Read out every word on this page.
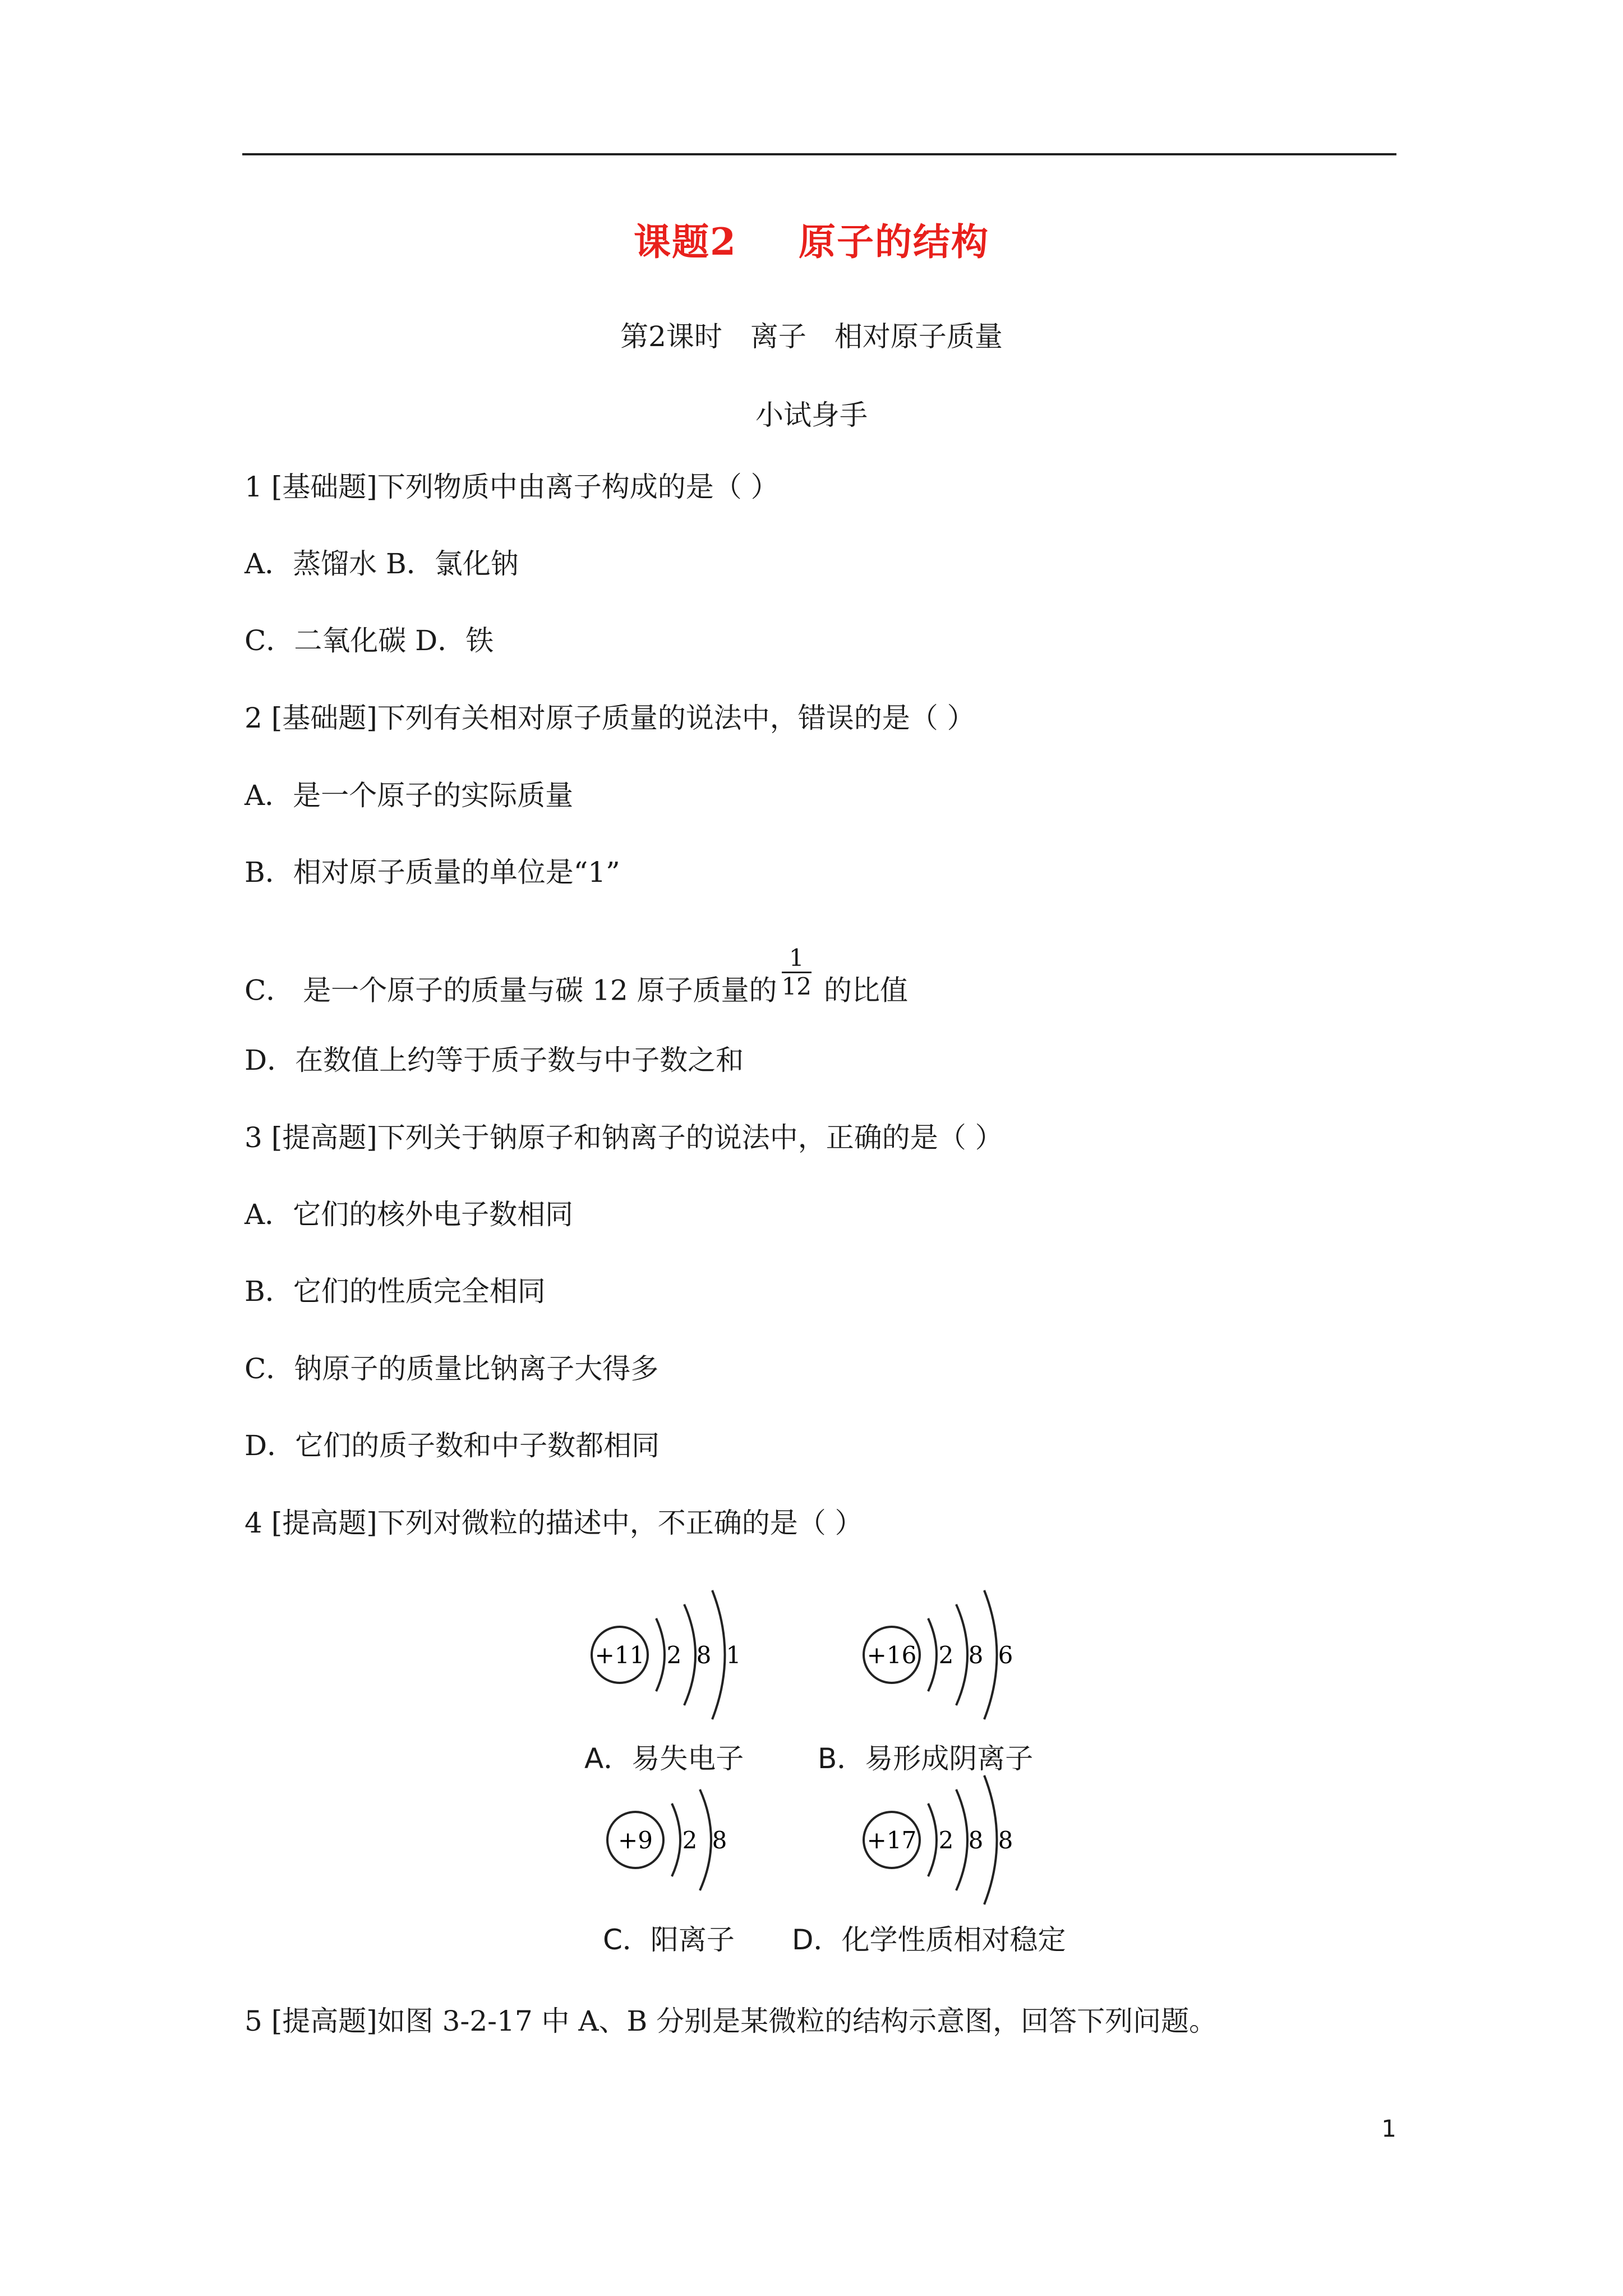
课题2 原子的结构
第2课时 离子 相对原子质量
小试身手
1 [基础题]下列物质中由离子构成的是（ ）
A．蒸馏水 B．氯化钠
C．二氧化碳 D．铁
2 [基础题]下列有关相对原子质量的说法中，错误的是（ ）
A．是一个原子的实际质量
B．相对原子质量的单位是“1”
C． 是一个原子的质量与碳 12 原子质量的 $\frac{1}{12}$ 的比值
D．在数值上约等于质子数与中子数之和
3 [提高题]下列关于钠原子和钠离子的说法中，正确的是（ ）
A．它们的核外电子数相同
B．它们的性质完全相同
C．钠原子的质量比钠离子大得多
D．它们的质子数和中子数都相同
4 [提高题]下列对微粒的描述中，不正确的是（ ）
+11 2 8 1
A．易失电子
+16 2 8 6
B．易形成阴离子
+9 2 8
C．阳离子
+17 2 8 8
D．化学性质相对稳定
5 [提高题]如图 3-2-17 中 A、B 分别是某微粒的结构示意图，回答下列问题。
1
